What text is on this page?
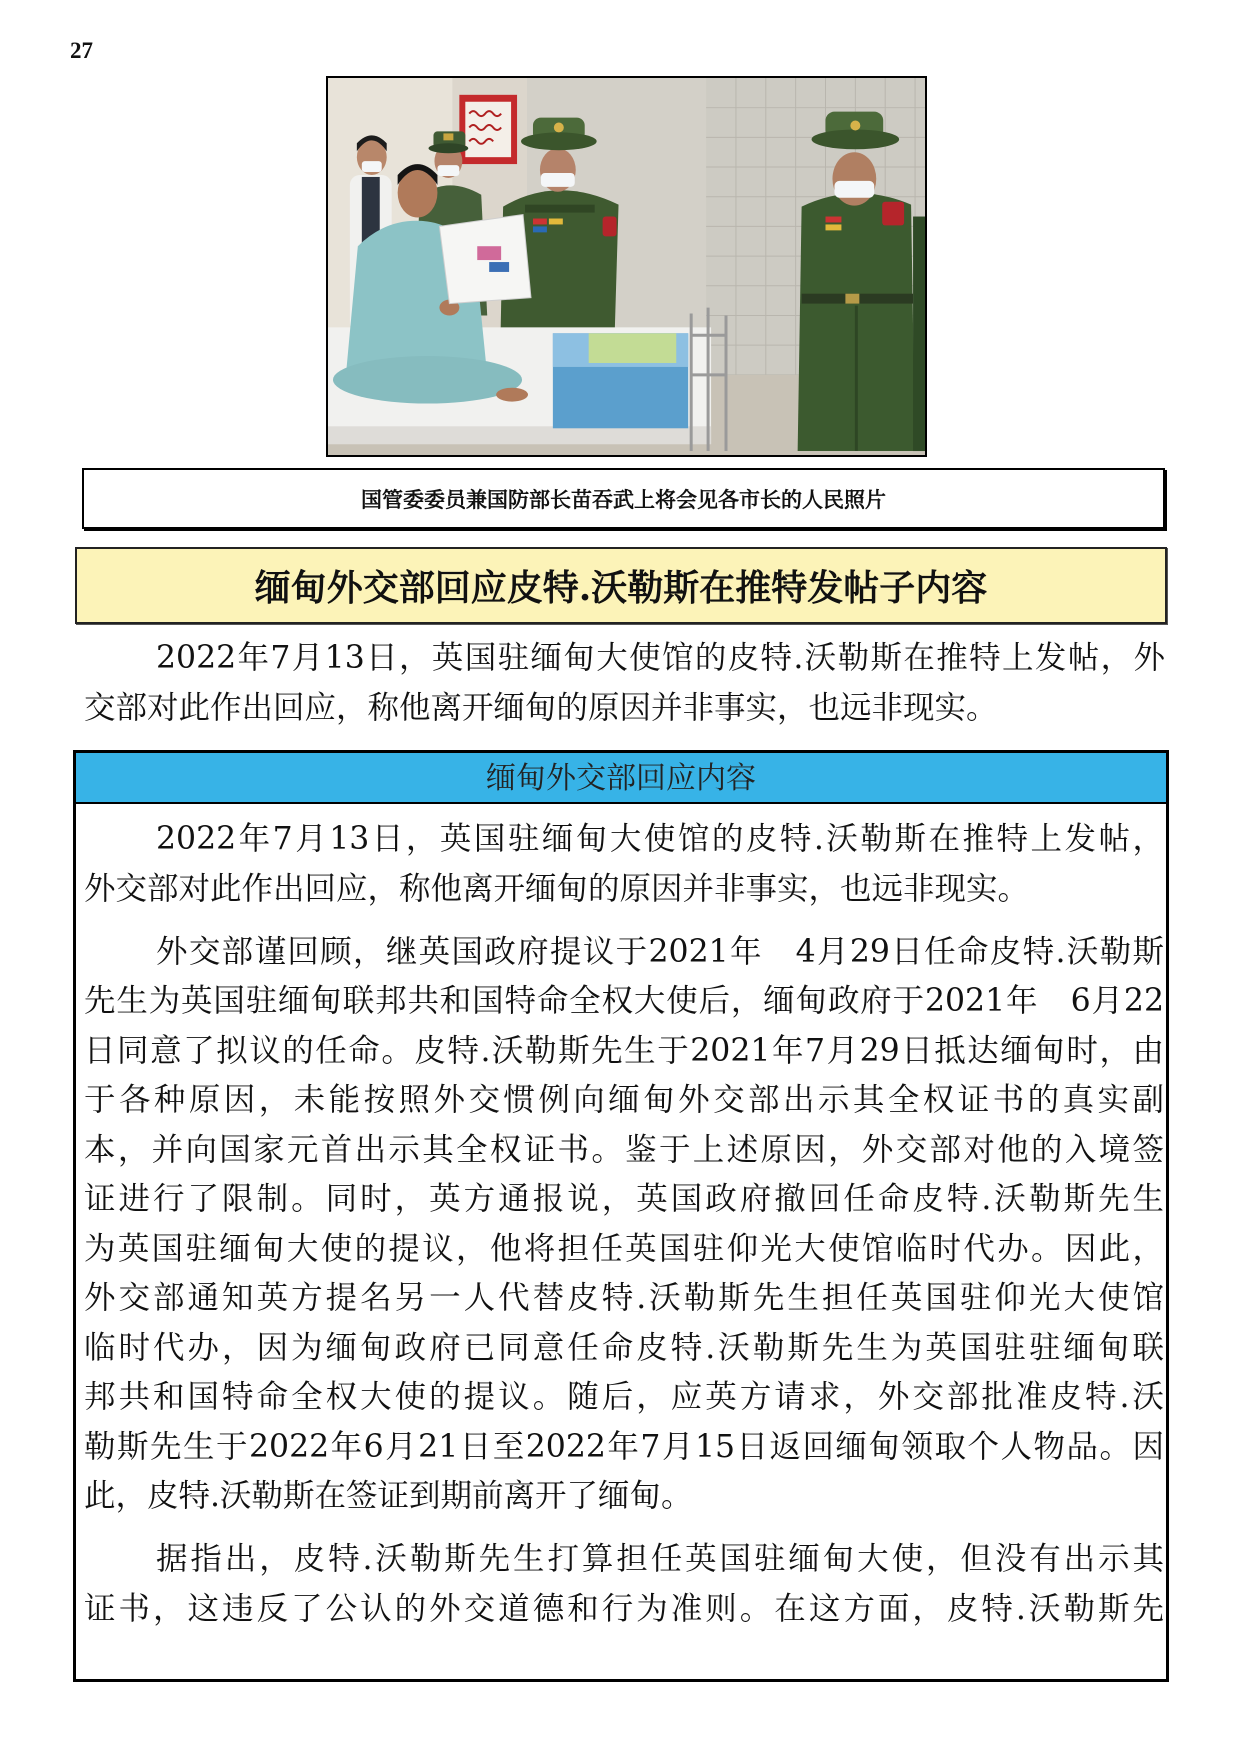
27
国管委委员兼国防部长苗吞武上将会见各市长的人民照片
缅甸外交部回应皮特.沃勒斯在推特发帖子内容
2022年7月13日，英国驻缅甸大使馆的皮特.沃勒斯在推特上发帖，外
交部对此作出回应，称他离开缅甸的原因并非事实，也远非现实。
缅甸外交部回应内容
2022年7月13日，英国驻缅甸大使馆的皮特.沃勒斯在推特上发帖，
外交部对此作出回应，称他离开缅甸的原因并非事实，也远非现实。
外交部谨回顾，继英国政府提议于2021年　4月29日任命皮特.沃勒斯
先生为英国驻缅甸联邦共和国特命全权大使后，缅甸政府于2021年　6月22
日同意了拟议的任命。皮特.沃勒斯先生于2021年7月29日抵达缅甸时，由
于各种原因，未能按照外交惯例向缅甸外交部出示其全权证书的真实副
本，并向国家元首出示其全权证书。鉴于上述原因，外交部对他的入境签
证进行了限制。同时，英方通报说，英国政府撤回任命皮特.沃勒斯先生
为英国驻缅甸大使的提议，他将担任英国驻仰光大使馆临时代办。因此，
外交部通知英方提名另一人代替皮特.沃勒斯先生担任英国驻仰光大使馆
临时代办，因为缅甸政府已同意任命皮特.沃勒斯先生为英国驻驻缅甸联
邦共和国特命全权大使的提议。随后，应英方请求，外交部批准皮特.沃
勒斯先生于2022年6月21日至2022年7月15日返回缅甸领取个人物品。因
此，皮特.沃勒斯在签证到期前离开了缅甸。
据指出，皮特.沃勒斯先生打算担任英国驻缅甸大使，但没有出示其
证书，这违反了公认的外交道德和行为准则。在这方面，皮特.沃勒斯先
